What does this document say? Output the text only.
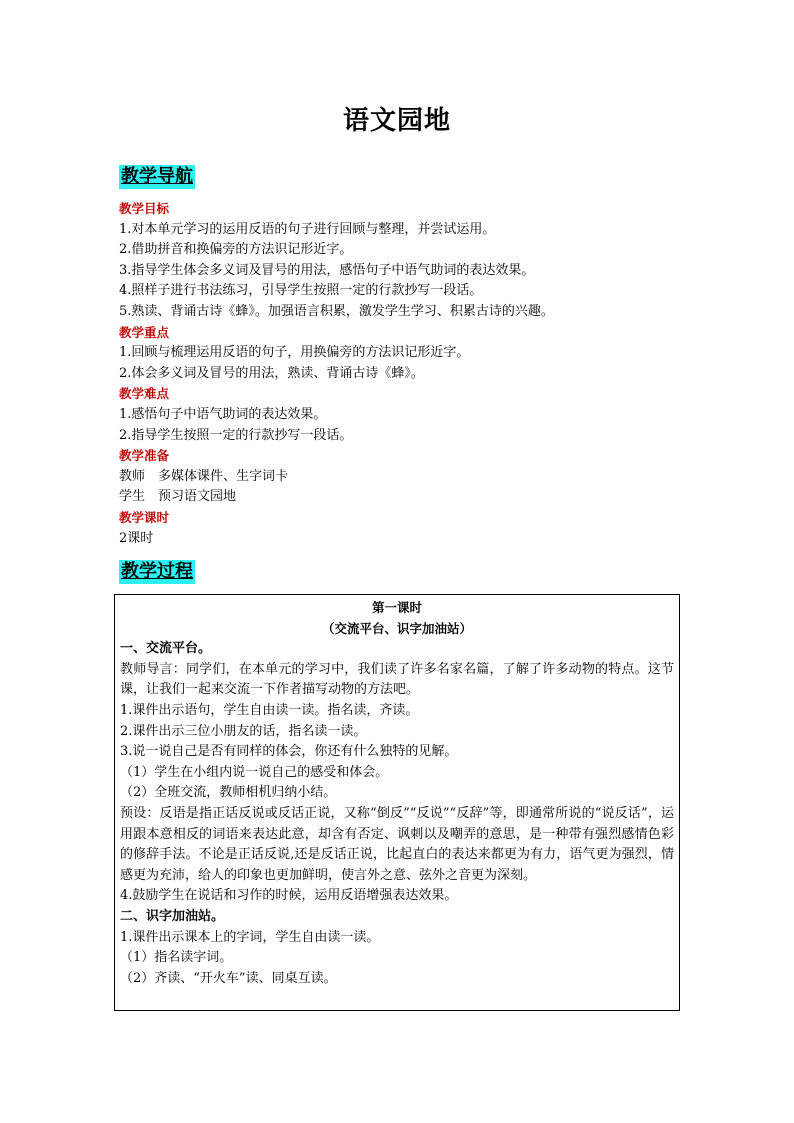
语文园地
教学导航
教学目标
1.对本单元学习的运用反语的句子进行回顾与整理，并尝试运用。
2.借助拼音和换偏旁的方法识记形近字。
3.指导学生体会多义词及冒号的用法，感悟句子中语气助词的表达效果。
4.照样子进行书法练习，引导学生按照一定的行款抄写一段话。
5.熟读、背诵古诗《蜂》。加强语言积累，激发学生学习、积累古诗的兴趣。
教学重点
1.回顾与梳理运用反语的句子，用换偏旁的方法识记形近字。
2.体会多义词及冒号的用法，熟读、背诵古诗《蜂》。
教学难点
1.感悟句子中语气助词的表达效果。
2.指导学生按照一定的行款抄写一段话。
教学准备
教师　多媒体课件、生字词卡
学生　预习语文园地
教学课时
2课时
教学过程
第一课时
（交流平台、识字加油站）
一、交流平台。
教师导言：同学们，在本单元的学习中，我们读了许多名家名篇，了解了许多动物的特点。这节课，让我们一起来交流一下作者描写动物的方法吧。
1.课件出示语句，学生自由读一读。指名读，齐读。
2.课件出示三位小朋友的话，指名读一读。
3.说一说自己是否有同样的体会，你还有什么独特的见解。
（1）学生在小组内说一说自己的感受和体会。
（2）全班交流，教师相机归纳小结。
预设：反语是指正话反说或反话正说，又称“倒反”“反说”“反辞”等，即通常所说的“说反话”，运用跟本意相反的词语来表达此意，却含有否定、讽刺以及嘲弄的意思，是一种带有强烈感情色彩的修辞手法。不论是正话反说,还是反话正说，比起直白的表达来都更为有力，语气更为强烈，情感更为充沛，给人的印象也更加鲜明，使言外之意、弦外之音更为深刻。
4.鼓励学生在说话和习作的时候，运用反语增强表达效果。
二、识字加油站。
1.课件出示课本上的字词，学生自由读一读。
（1）指名读字词。
（2）齐读、“开火车”读、同桌互读。
